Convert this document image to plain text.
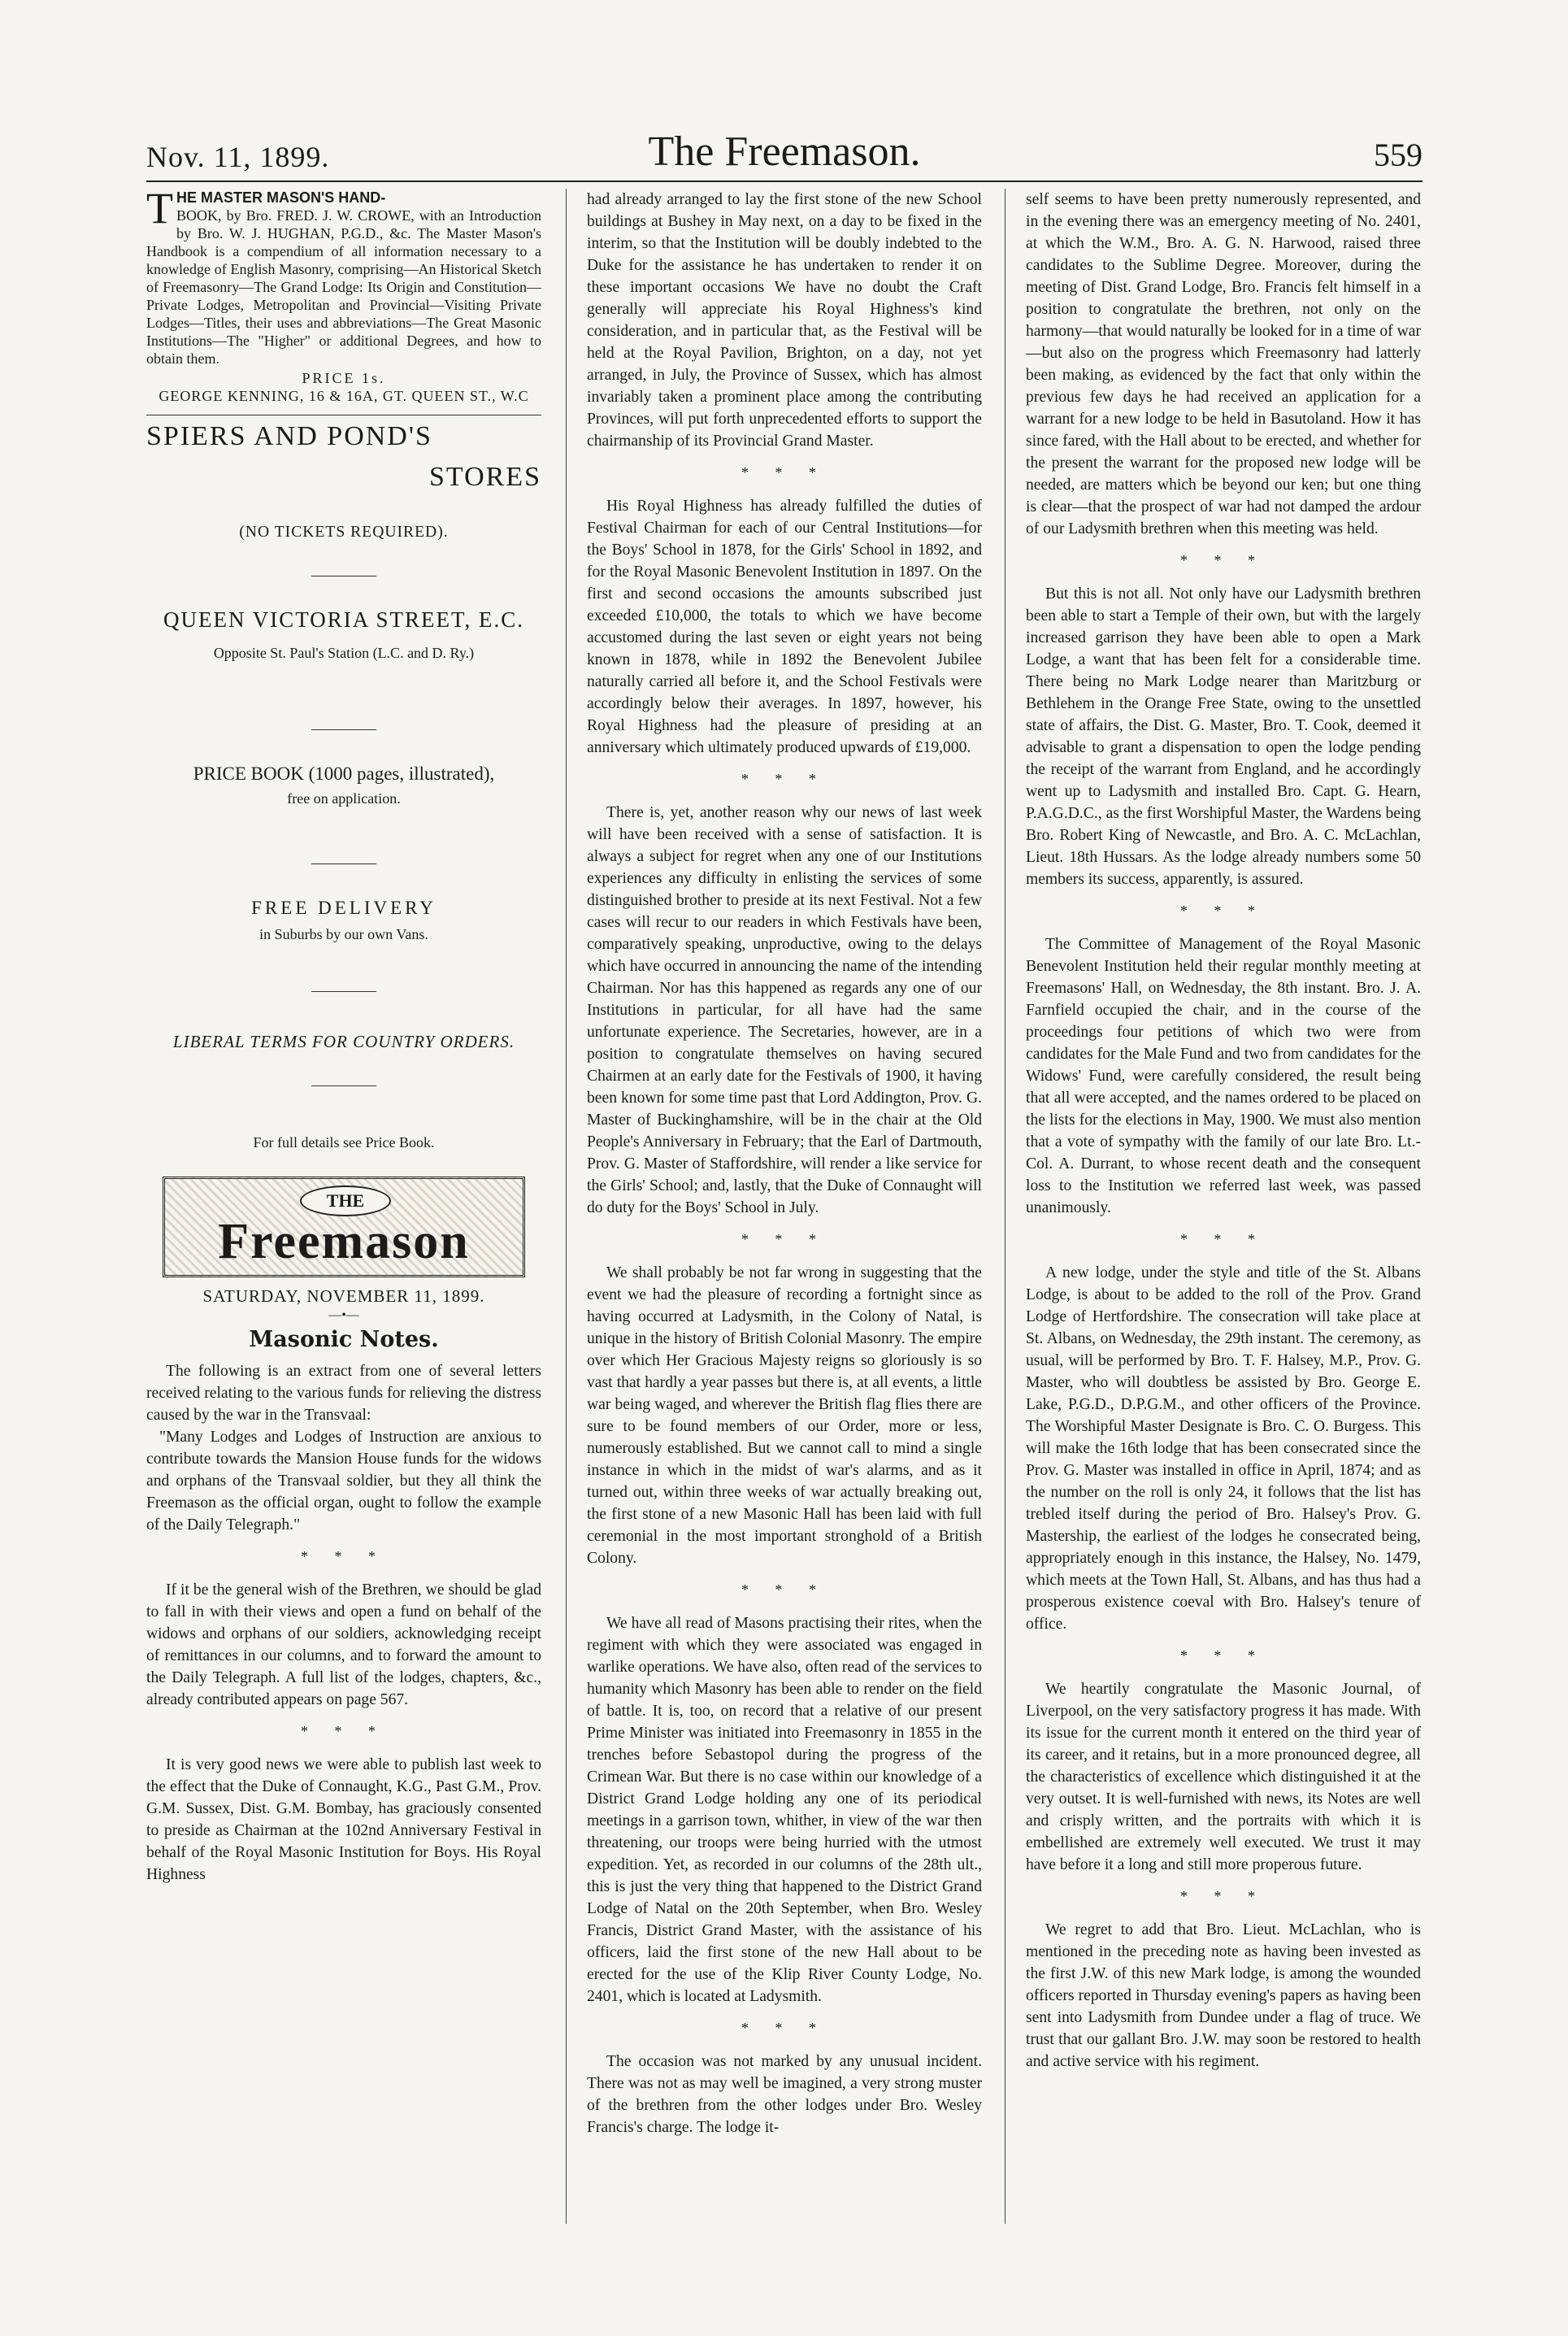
Nov. 11, 1899.	The Freemason.	559

THE MASTER MASON'S HAND-

BOOK, by Bro. FRED. J. W. CROWE, with an Introduction by Bro. W. J. HUGHAN, P.G.D., &c. The Master Mason's Handbook is a compendium of all information necessary to a knowledge of English Masonry, comprising—An Historical Sketch of Freemasonry—The Grand Lodge: Its Origin and Constitution—Private Lodges, Metropolitan and Provincial—Visiting Private Lodges—Titles, their uses and abbreviations—The Great Masonic Institutions—The "Higher" or additional Degrees, and how to obtain them.

PRICE 1s.

GEORGE KENNING, 16 & 16A, GT. QUEEN ST., W.C

SPIERS AND POND'S
STORES

(NO TICKETS REQUIRED).

QUEEN VICTORIA STREET, E.C.

Opposite St. Paul's Station (L.C. and D. Ry.)

PRICE BOOK (1000 pages, illustrated),

free on application.

FREE DELIVERY

in Suburbs by our own Vans.

LIBERAL TERMS FOR COUNTRY ORDERS.

For full details see Price Book.

THE
Freemason

SATURDAY, NOVEMBER 11, 1899.

—•—

Masonic Notes.

The following is an extract from one of several letters received relating to the various funds for relieving the distress caused by the war in the Transvaal:

"Many Lodges and Lodges of Instruction are anxious to contribute towards the Mansion House funds for the widows and orphans of the Transvaal soldier, but they all think the Freemason as the official organ, ought to follow the example of the Daily Telegraph."

* * *

If it be the general wish of the Brethren, we should be glad to fall in with their views and open a fund on behalf of the widows and orphans of our soldiers, acknowledging receipt of remittances in our columns, and to forward the amount to the Daily Telegraph. A full list of the lodges, chapters, &c., already contributed appears on page 567.

* * *

It is very good news we were able to publish last week to the effect that the Duke of Connaught, K.G., Past G.M., Prov. G.M. Sussex, Dist. G.M. Bombay, has graciously consented to preside as Chairman at the 102nd Anniversary Festival in behalf of the Royal Masonic Institution for Boys. His Royal Highness

had already arranged to lay the first stone of the new School buildings at Bushey in May next, on a day to be fixed in the interim, so that the Institution will be doubly indebted to the Duke for the assistance he has undertaken to render it on these important occasions We have no doubt the Craft generally will appreciate his Royal Highness's kind consideration, and in particular that, as the Festival will be held at the Royal Pavilion, Brighton, on a day, not yet arranged, in July, the Province of Sussex, which has almost invariably taken a prominent place among the contributing Provinces, will put forth unprecedented efforts to support the chairmanship of its Provincial Grand Master.

* * *

His Royal Highness has already fulfilled the duties of Festival Chairman for each of our Central Institutions—for the Boys' School in 1878, for the Girls' School in 1892, and for the Royal Masonic Benevolent Institution in 1897. On the first and second occasions the amounts subscribed just exceeded £10,000, the totals to which we have become accustomed during the last seven or eight years not being known in 1878, while in 1892 the Benevolent Jubilee naturally carried all before it, and the School Festivals were accordingly below their averages. In 1897, however, his Royal Highness had the pleasure of presiding at an anniversary which ultimately produced upwards of £19,000.

* * *

There is, yet, another reason why our news of last week will have been received with a sense of satisfaction. It is always a subject for regret when any one of our Institutions experiences any difficulty in enlisting the services of some distinguished brother to preside at its next Festival. Not a few cases will recur to our readers in which Festivals have been, comparatively speaking, unproductive, owing to the delays which have occurred in announcing the name of the intending Chairman. Nor has this happened as regards any one of our Institutions in particular, for all have had the same unfortunate experience. The Secretaries, however, are in a position to congratulate themselves on having secured Chairmen at an early date for the Festivals of 1900, it having been known for some time past that Lord Addington, Prov. G. Master of Buckinghamshire, will be in the chair at the Old People's Anniversary in February; that the Earl of Dartmouth, Prov. G. Master of Staffordshire, will render a like service for the Girls' School; and, lastly, that the Duke of Connaught will do duty for the Boys' School in July.

* * *

We shall probably be not far wrong in suggesting that the event we had the pleasure of recording a fortnight since as having occurred at Ladysmith, in the Colony of Natal, is unique in the history of British Colonial Masonry. The empire over which Her Gracious Majesty reigns so gloriously is so vast that hardly a year passes but there is, at all events, a little war being waged, and wherever the British flag flies there are sure to be found members of our Order, more or less, numerously established. But we cannot call to mind a single instance in which in the midst of war's alarms, and as it turned out, within three weeks of war actually breaking out, the first stone of a new Masonic Hall has been laid with full ceremonial in the most important stronghold of a British Colony.

* * *

We have all read of Masons practising their rites, when the regiment with which they were associated was engaged in warlike operations. We have also, often read of the services to humanity which Masonry has been able to render on the field of battle. It is, too, on record that a relative of our present Prime Minister was initiated into Freemasonry in 1855 in the trenches before Sebastopol during the progress of the Crimean War. But there is no case within our knowledge of a District Grand Lodge holding any one of its periodical meetings in a garrison town, whither, in view of the war then threatening, our troops were being hurried with the utmost expedition. Yet, as recorded in our columns of the 28th ult., this is just the very thing that happened to the District Grand Lodge of Natal on the 20th September, when Bro. Wesley Francis, District Grand Master, with the assistance of his officers, laid the first stone of the new Hall about to be erected for the use of the Klip River County Lodge, No. 2401, which is located at Ladysmith.

* * *

The occasion was not marked by any unusual incident. There was not as may well be imagined, a very strong muster of the brethren from the other lodges under Bro. Wesley Francis's charge. The lodge it-

self seems to have been pretty numerously represented, and in the evening there was an emergency meeting of No. 2401, at which the W.M., Bro. A. G. N. Harwood, raised three candidates to the Sublime Degree. Moreover, during the meeting of Dist. Grand Lodge, Bro. Francis felt himself in a position to congratulate the brethren, not only on the harmony—that would naturally be looked for in a time of war—but also on the progress which Freemasonry had latterly been making, as evidenced by the fact that only within the previous few days he had received an application for a warrant for a new lodge to be held in Basutoland. How it has since fared, with the Hall about to be erected, and whether for the present the warrant for the proposed new lodge will be needed, are matters which be beyond our ken; but one thing is clear—that the prospect of war had not damped the ardour of our Ladysmith brethren when this meeting was held.

* * *

But this is not all. Not only have our Ladysmith brethren been able to start a Temple of their own, but with the largely increased garrison they have been able to open a Mark Lodge, a want that has been felt for a considerable time. There being no Mark Lodge nearer than Maritzburg or Bethlehem in the Orange Free State, owing to the unsettled state of affairs, the Dist. G. Master, Bro. T. Cook, deemed it advisable to grant a dispensation to open the lodge pending the receipt of the warrant from England, and he accordingly went up to Ladysmith and installed Bro. Capt. G. Hearn, P.A.G.D.C., as the first Worshipful Master, the Wardens being Bro. Robert King of Newcastle, and Bro. A. C. McLachlan, Lieut. 18th Hussars. As the lodge already numbers some 50 members its success, apparently, is assured.

* * *

The Committee of Management of the Royal Masonic Benevolent Institution held their regular monthly meeting at Freemasons' Hall, on Wednesday, the 8th instant. Bro. J. A. Farnfield occupied the chair, and in the course of the proceedings four petitions of which two were from candidates for the Male Fund and two from candidates for the Widows' Fund, were carefully considered, the result being that all were accepted, and the names ordered to be placed on the lists for the elections in May, 1900. We must also mention that a vote of sympathy with the family of our late Bro. Lt.-Col. A. Durrant, to whose recent death and the consequent loss to the Institution we referred last week, was passed unanimously.

* * *

A new lodge, under the style and title of the St. Albans Lodge, is about to be added to the roll of the Prov. Grand Lodge of Hertfordshire. The consecration will take place at St. Albans, on Wednesday, the 29th instant. The ceremony, as usual, will be performed by Bro. T. F. Halsey, M.P., Prov. G. Master, who will doubtless be assisted by Bro. George E. Lake, P.G.D., D.P.G.M., and other officers of the Province. The Worshipful Master Designate is Bro. C. O. Burgess. This will make the 16th lodge that has been consecrated since the Prov. G. Master was installed in office in April, 1874; and as the number on the roll is only 24, it follows that the list has trebled itself during the period of Bro. Halsey's Prov. G. Mastership, the earliest of the lodges he consecrated being, appropriately enough in this instance, the Halsey, No. 1479, which meets at the Town Hall, St. Albans, and has thus had a prosperous existence coeval with Bro. Halsey's tenure of office.

* * *

We heartily congratulate the Masonic Journal, of Liverpool, on the very satisfactory progress it has made. With its issue for the current month it entered on the third year of its career, and it retains, but in a more pronounced degree, all the characteristics of excellence which distinguished it at the very outset. It is well-furnished with news, its Notes are well and crisply written, and the portraits with which it is embellished are extremely well executed. We trust it may have before it a long and still more properous future.

* * *

We regret to add that Bro. Lieut. McLachlan, who is mentioned in the preceding note as having been invested as the first J.W. of this new Mark lodge, is among the wounded officers reported in Thursday evening's papers as having been sent into Ladysmith from Dundee under a flag of truce. We trust that our gallant Bro. J.W. may soon be restored to health and active service with his regiment.
